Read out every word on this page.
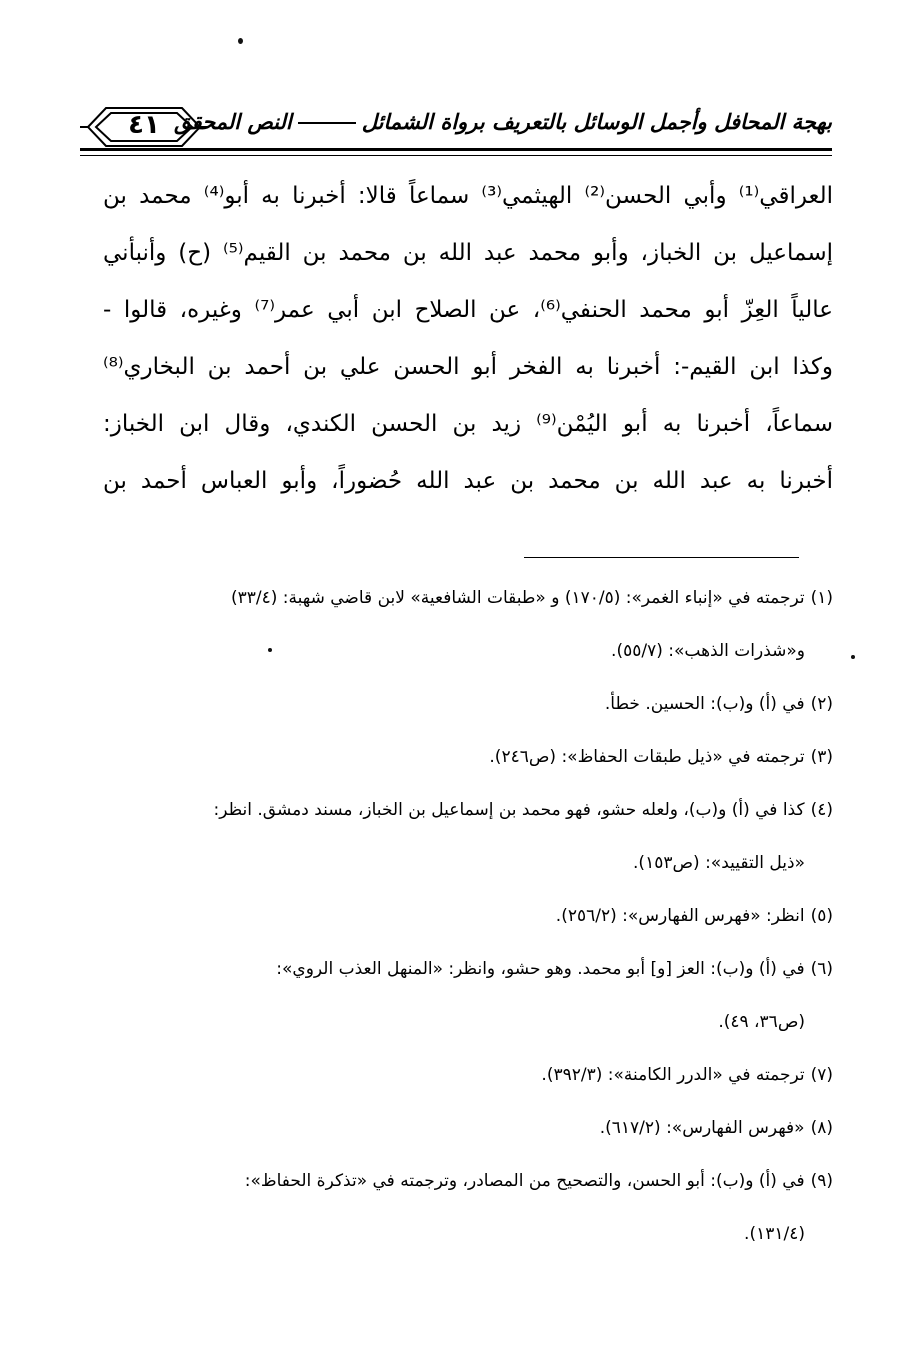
بهجة المحافل وأجمل الوسائل بالتعريف برواة الشمائلالنص المحقق
٤١
العراقي⁽¹⁾ وأبي الحسن⁽²⁾ الهيثمي⁽³⁾ سماعاً قالا: أخبرنا به أبو⁽⁴⁾ محمد بن
إسماعيل بن الخباز، وأبو محمد عبد الله بن محمد بن القيم⁽⁵⁾ (ح) وأنبأني
عالياً العِزّ أبو محمد الحنفي⁽⁶⁾، عن الصلاح ابن أبي عمر⁽⁷⁾ وغيره، قالوا -
وكذا ابن القيم-: أخبرنا به الفخر أبو الحسن علي بن أحمد بن البخاري⁽⁸⁾
سماعاً، أخبرنا به أبو اليُمْن⁽⁹⁾ زيد بن الحسن الكندي، وقال ابن الخباز:
أخبرنا به عبد الله بن محمد بن عبد الله حُضوراً، وأبو العباس أحمد بن
(١)ترجمته في «إنباء الغمر»: (١٧٠/٥) و «طبقات الشافعية» لابن قاضي شهبة: (٣٣/٤)
و«شذرات الذهب»: (٥٥/٧).
(٢)في (أ) و(ب): الحسين. خطأ.
(٣)ترجمته في «ذيل طبقات الحفاظ»: (ص٢٤٦).
(٤)كذا في (أ) و(ب)، ولعله حشو، فهو محمد بن إسماعيل بن الخباز، مسند دمشق. انظر:
«ذيل التقييد»: (ص١٥٣).
(٥)انظر: «فهرس الفهارس»: (٢٥٦/٢).
(٦)في (أ) و(ب): العز [و] أبو محمد. وهو حشو، وانظر: «المنهل العذب الروي»:
(ص٣٦، ٤٩).
(٧)ترجمته في «الدرر الكامنة»: (٣٩٢/٣).
(٨)«فهرس الفهارس»: (٦١٧/٢).
(٩)في (أ) و(ب): أبو الحسن، والتصحيح من المصادر، وترجمته في «تذكرة الحفاظ»:
(١٣١/٤).
